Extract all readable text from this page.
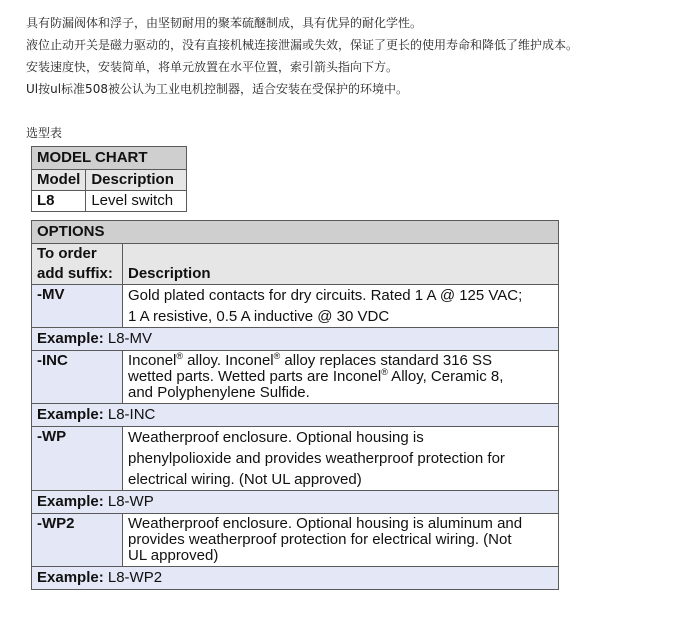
具有防漏阀体和浮子，由坚韧耐用的聚苯硫醚制成，具有优异的耐化学性。

液位止动开关是磁力驱动的，没有直接机械连接泄漏或失效，保证了更长的使用寿命和降低了维护成本。

安装速度快，安装简单，将单元放置在水平位置，索引箭头指向下方。

Ul按ul标准508被公认为工业电机控制器，适合安装在受保护的环境中。

选型表
MODEL CHART	
Model	Description
L8	Level switch
OPTIONS	

To order
add suffix:	Description
-MV	Gold plated contacts for dry circuits. Rated 1 A @ 125 VAC;
1 A resistive, 0.5 A inductive @ 30 VDC

Example: L8-MV	
-INC	Inconel® alloy. Inconel® alloy replaces standard 316 SS
wetted parts. Wetted parts are Inconel® Alloy, Ceramic 8,
and Polyphenylene Sulfide.

Example: L8-INC	
-WP	Weatherproof enclosure. Optional housing is
phenylpolioxide and provides weatherproof protection for
electrical wiring. (Not UL approved)

Example: L8-WP	
-WP2	Weatherproof enclosure. Optional housing is aluminum and
provides weatherproof protection for electrical wiring. (Not
UL approved)

Example: L8-WP2	
